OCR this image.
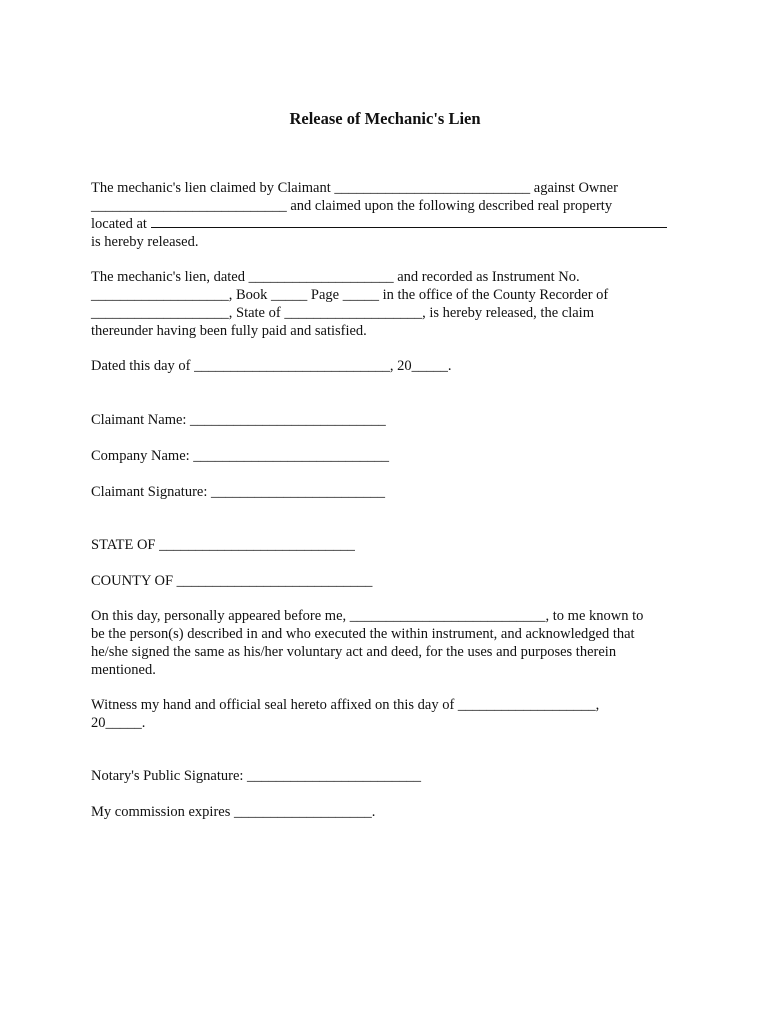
Release of Mechanic's Lien
The mechanic's lien claimed by Claimant ___________________________ against Owner
___________________________ and claimed upon the following described real property
located at
is hereby released.
The mechanic's lien, dated ____________________ and recorded as Instrument No.
___________________, Book _____ Page _____ in the office of the County Recorder of
___________________, State of ___________________, is hereby released, the claim
thereunder having been fully paid and satisfied.
Dated this day of ___________________________, 20_____.
Claimant Name: ___________________________
Company Name: ___________________________
Claimant Signature: ________________________
STATE OF ___________________________
COUNTY OF ___________________________
On this day, personally appeared before me, ___________________________, to me known to
be the person(s) described in and who executed the within instrument, and acknowledged that
he/she signed the same as his/her voluntary act and deed, for the uses and purposes therein
mentioned.
Witness my hand and official seal hereto affixed on this day of ___________________,
20_____.
Notary's Public Signature: ________________________
My commission expires ___________________.
